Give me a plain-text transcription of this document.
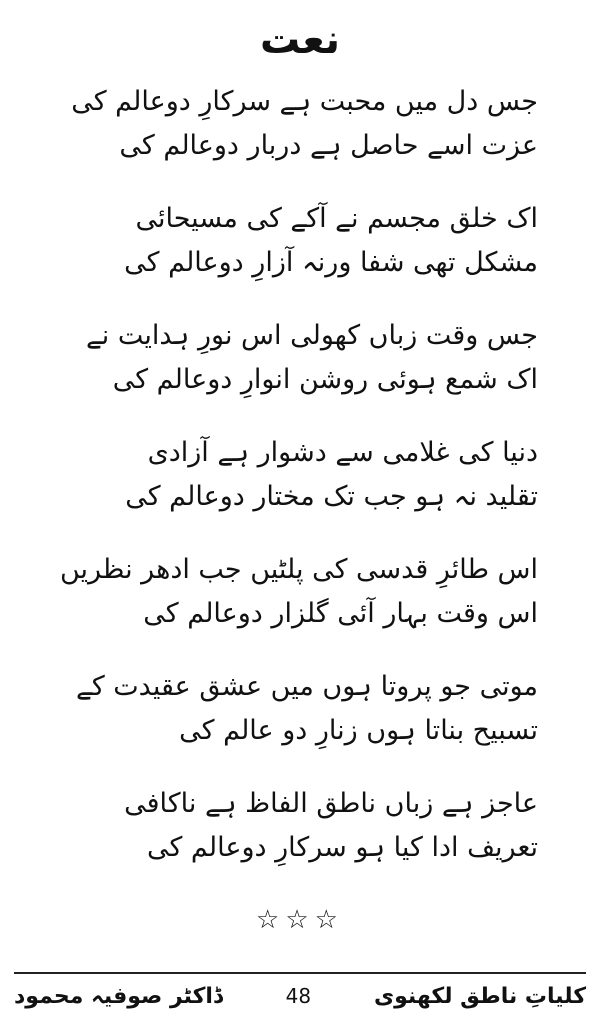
نعت
جس دل میں محبت ہے سرکارِ دوعالم کی
عزت اسے حاصل ہے دربار دوعالم کی
اک خلق مجسم نے آکے کی مسیحائی
مشکل تھی شفا ورنہ آزارِ دوعالم کی
جس وقت زباں کھولی اس نورِ ہدایت نے
اک شمع ہوئی روشن انوارِ دوعالم کی
دنیا کی غلامی سے دشوار ہے آزادی
تقلید نہ ہو جب تک مختار دوعالم کی
اس طائرِ قدسی کی پلٹیں جب ادھر نظریں
اس وقت بہار آئی گلزار دوعالم کی
موتی جو پروتا ہوں میں عشق عقیدت کے
تسبیح بناتا ہوں زنارِ دو عالم کی
عاجز ہے زباں ناطق الفاظ ہے ناکافی
تعریف ادا کیا ہو سرکارِ دوعالم کی
☆☆☆
ڈاکٹر صوفیہ محمود	48	کلیاتِ ناطق لکھنوی
